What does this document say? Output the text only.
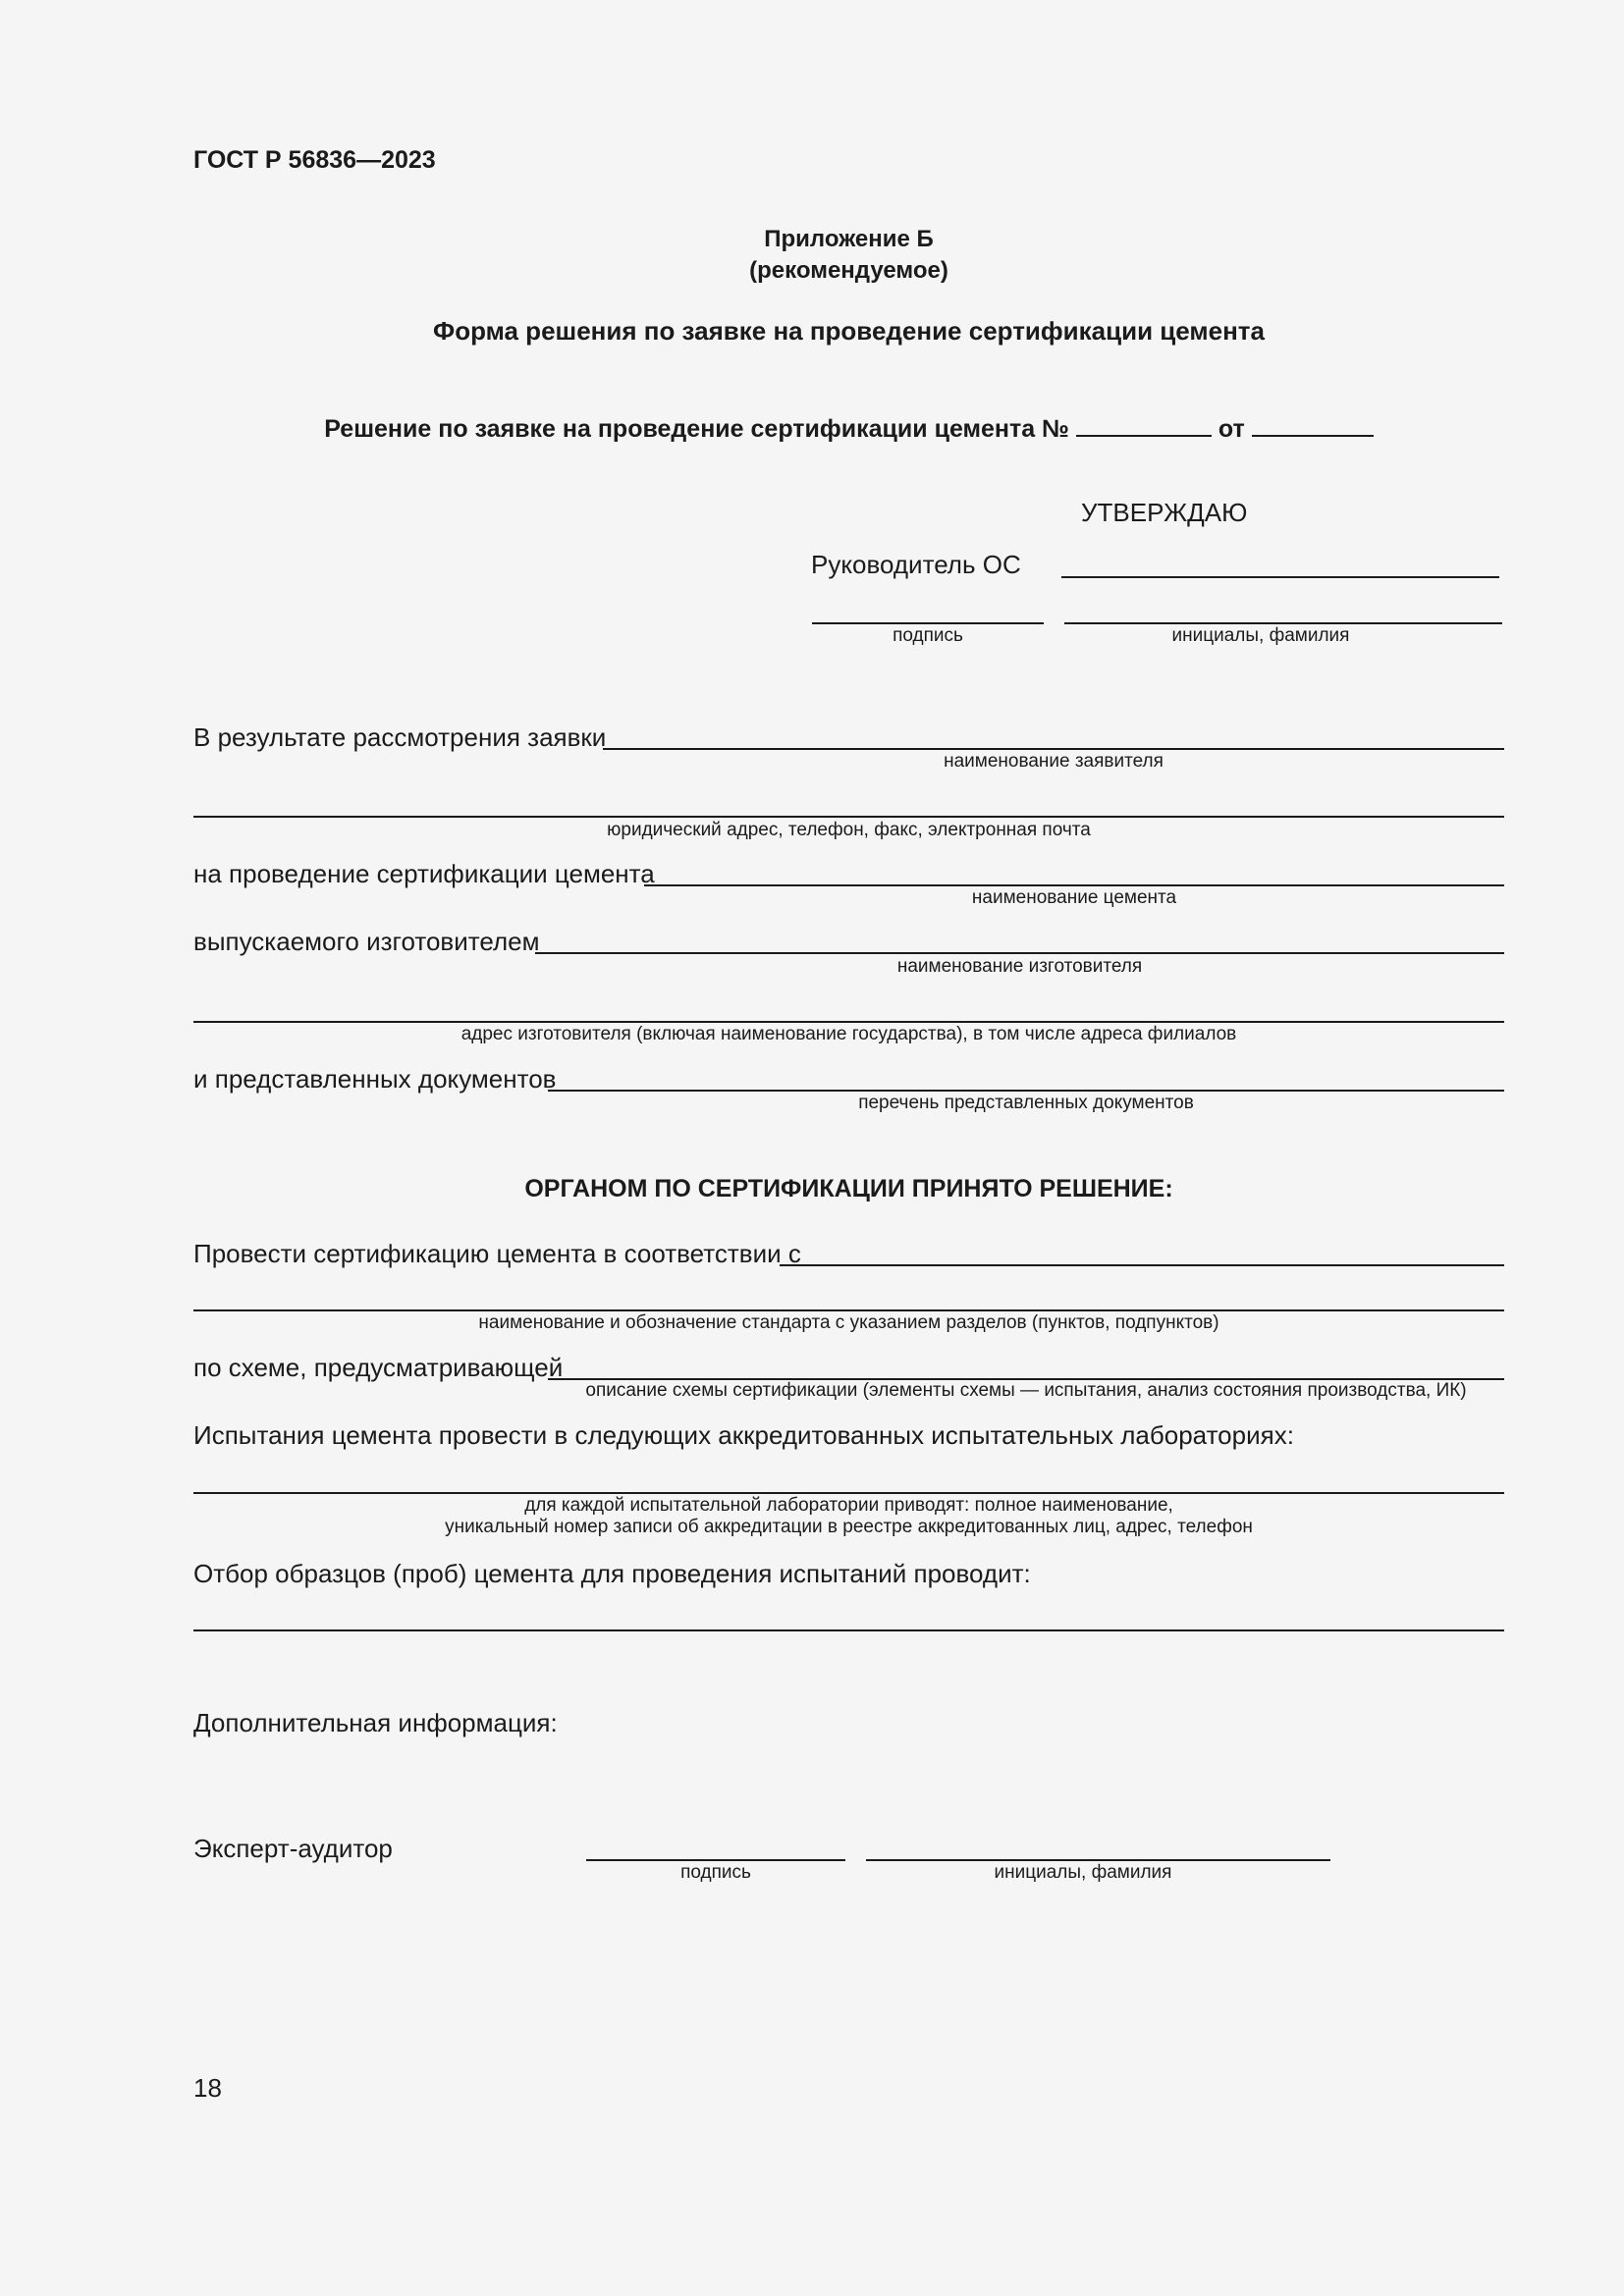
ГОСТ Р 56836—2023
Приложение Б
(рекомендуемое)
Форма решения по заявке на проведение сертификации цемента
Решение по заявке на проведение сертификации цемента №	от
УТВЕРЖДАЮ
Руководитель ОС
подпись	инициалы, фамилия
В результате рассмотрения заявки
наименование заявителя
юридический адрес, телефон, факс, электронная почта
на проведение сертификации цемента
наименование цемента
выпускаемого изготовителем
наименование изготовителя
адрес изготовителя (включая наименование государства), в том числе адреса филиалов
и представленных документов
перечень представленных документов
ОРГАНОМ ПО СЕРТИФИКАЦИИ ПРИНЯТО РЕШЕНИЕ:
Провести сертификацию цемента в соответствии с
наименование и обозначение стандарта с указанием разделов (пунктов, подпунктов)
по схеме, предусматривающей
описание схемы сертификации (элементы схемы — испытания, анализ состояния производства, ИК)
Испытания цемента провести в следующих аккредитованных испытательных лабораториях:
для каждой испытательной лаборатории приводят: полное наименование,
уникальный номер записи об аккредитации в реестре аккредитованных лиц, адрес, телефон
Отбор образцов (проб) цемента для проведения испытаний проводит:
Дополнительная информация:
Эксперт-аудитор
подпись	инициалы, фамилия
18
